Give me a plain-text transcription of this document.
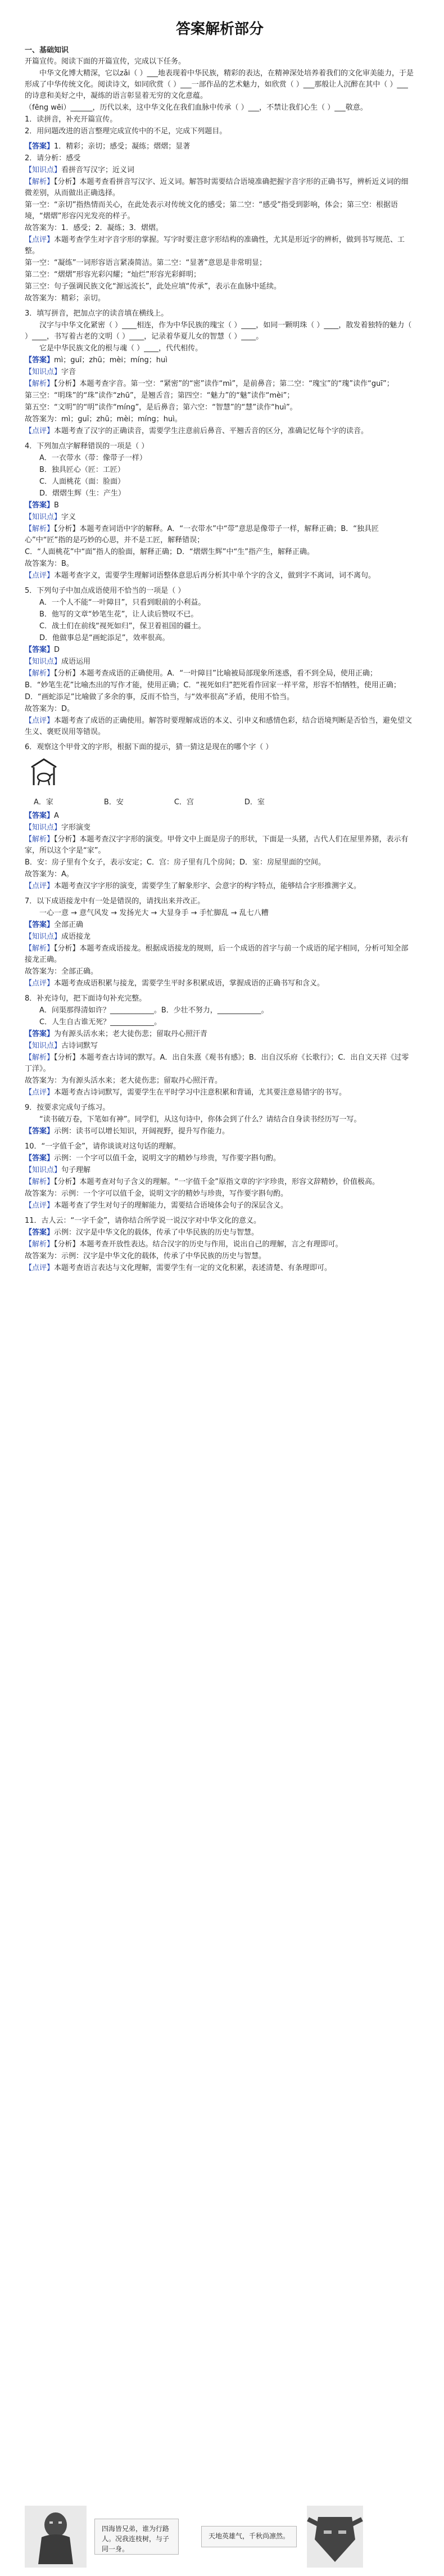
答案解析部分
一、基础知识
开篇宣传。阅读下面的开篇宣传，完成以下任务。
中华文化博大精深，它以zǎi（ ）___地表现着中华民族，精彩的表达，在精神深处培养着我们的文化审美能力，于是形成了中华传统文化。阅读诗文，如同欣赏（ ）___一部作品的艺术魅力，如欣赏（ ）___那般让人沉醉在其中（ ）___的诗意和美好之中，凝练的语言彰显着无穷的文化意蕴。
（fēng wēi）______，历代以来，这中华文化在我们血脉中传承（ ）___，不禁让我们心生（ ）___敬意。
1．读拼音，补充开篇宣传。
2．用问题改进的语言整理完成宣传中的不足，完成下列题目。
【答案】1．精彩；亲切；感受；凝练；熠熠；显著
2．请分析：感受
【知识点】看拼音写汉字；近义词
【解析】【分析】本题考查看拼音写汉字、近义词。解答时需要结合语境准确把握字音字形的正确书写，辨析近义词的细微差别，从而做出正确选择。
第一空：“亲切”指热情而关心，在此处表示对传统文化的感受；第二空：“感受”指受到影响，体会；第三空：根据语境，“熠熠”形容闪光发亮的样子。
故答案为：1．感受；2．凝练；3．熠熠。
【点评】本题考查学生对字音字形的掌握。写字时要注意字形结构的准确性，尤其是形近字的辨析，做到书写规范、工整。
第一空：“凝练”一词形容语言紧凑简洁。第二空：“显著”意思是非常明显；
第二空：“熠熠”形容光彩闪耀；“灿烂”形容光彩鲜明；
第三空：句子强调民族文化“源远流长”，此处应填“传承”，表示在血脉中延续。
故答案为：精彩；亲切。
3．填写拼音，把加点字的读音填在横线上。
汉字与中华文化紧密（ ）____相连，作为中华民族的瑰宝（ ）____，如同一颗明珠（ ）____，散发着独特的魅力（ ）____，书写着古老的文明（ ）____，记录着华夏儿女的智慧（ ）____。
它是中华民族文化的根与魂（ ）____，代代相传。
【答案】mì；guī；zhū；mèi；míng；huì
【知识点】字音
【解析】【分析】本题考查字音。第一空：“紧密”的“密”读作“mì”，是前鼻音；第二空：“瑰宝”的“瑰”读作“guī”；
第三空：“明珠”的“珠”读作“zhū”，是翘舌音；第四空：“魅力”的“魅”读作“mèi”；
第五空：“文明”的“明”读作“míng”，是后鼻音；第六空：“智慧”的“慧”读作“huì”。
故答案为：mì；guī；zhū；mèi；míng；huì。
【点评】本题考查了汉字的正确读音，需要学生注意前后鼻音、平翘舌音的区分，准确记忆每个字的读音。
4．下列加点字解释错误的一项是（ ）
A．一衣带水（带：像带子一样）
B．独具匠心（匠：工匠）
C．人面桃花（面：脸面）
D．熠熠生辉（生：产生）
【答案】B
【知识点】字义
【解析】【分析】本题考查词语中字的解释。A．“一衣带水”中“带”意思是像带子一样，解释正确；B．“独具匠心”中“匠”指的是巧妙的心思，并不是工匠，解释错误；
C．“人面桃花”中“面”指人的脸面，解释正确；D．“熠熠生辉”中“生”指产生，解释正确。
故答案为：B。
【点评】本题考查字义，需要学生理解词语整体意思后再分析其中单个字的含义，做到字不离词，词不离句。
5．下列句子中加点成语使用不恰当的一项是（ ）
A．一个人不能“一叶障目”，只看到眼前的小利益。
B．他写的文章“妙笔生花”，让人读后赞叹不已。
C．战士们在前线“视死如归”，保卫着祖国的疆土。
D．他做事总是“画蛇添足”，效率很高。
【答案】D
【知识点】成语运用
【解析】【分析】本题考查成语的正确使用。A．“一叶障目”比喻被局部现象所迷惑，看不到全局，使用正确；
B．“妙笔生花”比喻杰出的写作才能，使用正确；C．“视死如归”把死看作回家一样平常，形容不怕牺牲，使用正确；
D．“画蛇添足”比喻做了多余的事，反而不恰当，与“效率很高”矛盾，使用不恰当。
故答案为：D。
【点评】本题考查了成语的正确使用。解答时要理解成语的本义、引申义和感情色彩，结合语境判断是否恰当，避免望文生义、褒贬误用等错误。
6．观察这个甲骨文的字形，根据下面的提示，猜一猜这是现在的哪个字（ ）
A．家	B．安	C．宫	D．室
【答案】A
【知识点】字形演变
【解析】【分析】本题考查汉字字形的演变。甲骨文中上面是房子的形状，下面是一头猪，古代人们在屋里养猪，表示有家，所以这个字是“家”。
B．安：房子里有个女子，表示安定；C．宫：房子里有几个房间；D．室：房屋里面的空间。
故答案为：A。
【点评】本题考查汉字字形的演变，需要学生了解象形字、会意字的构字特点，能够结合字形推测字义。
7．以下成语接龙中有一处是错误的，请找出来并改正。
一心一意 → 意气风发 → 发扬光大 → 大显身手 → 手忙脚乱 → 乱七八糟
【答案】全部正确
【知识点】成语接龙
【解析】【分析】本题考查成语接龙。根据成语接龙的规则，后一个成语的首字与前一个成语的尾字相同，分析可知全部接龙正确。
故答案为：全部正确。
【点评】本题考查成语积累与接龙，需要学生平时多积累成语，掌握成语的正确书写和含义。
8．补充诗句，把下面诗句补充完整。
A．问渠那得清如许？____________。B．少壮不努力，____________。
C．人生自古谁无死？____________。
【答案】为有源头活水来；老大徒伤悲；留取丹心照汗青
【知识点】古诗词默写
【解析】【分析】本题考查古诗词的默写。A．出自朱熹《观书有感》；B．出自汉乐府《长歌行》；C．出自文天祥《过零丁洋》。
故答案为：为有源头活水来；老大徒伤悲；留取丹心照汗青。
【点评】本题考查古诗词默写，需要学生在平时学习中注意积累和背诵，尤其要注意易错字的书写。
9．按要求完成句子练习。
“读书破万卷，下笔如有神”。同学们，从这句诗中，你体会到了什么？请结合自身读书经历写一写。
【答案】示例：读书可以增长知识，开阔视野，提升写作能力。
10．“一字值千金”，请你谈谈对这句话的理解。
【答案】示例：一个字可以值千金，说明文字的精妙与珍贵，写作要字斟句酌。
【知识点】句子理解
【解析】【分析】本题考查对句子含义的理解。“一字值千金”原指文章的字字珍贵，形容文辞精妙，价值极高。
故答案为：示例：一个字可以值千金，说明文字的精妙与珍贵，写作要字斟句酌。
【点评】本题考查了学生对句子的理解能力，需要结合语境体会句子的深层含义。
11．古人云：“一字千金”，请你结合所学说一说汉字对中华文化的意义。
【答案】示例：汉字是中华文化的载体，传承了中华民族的历史与智慧。
【解析】【分析】本题考查开放性表达。结合汉字的历史与作用，说出自己的理解，言之有理即可。
故答案为：示例：汉字是中华文化的载体，传承了中华民族的历史与智慧。
【点评】本题考查语言表达与文化理解，需要学生有一定的文化积累，表述清楚、有条理即可。
四海皆兄弟，谁为行路人。况我连枝树，与子同一身。
天地英雄气，千秋尚凛然。
